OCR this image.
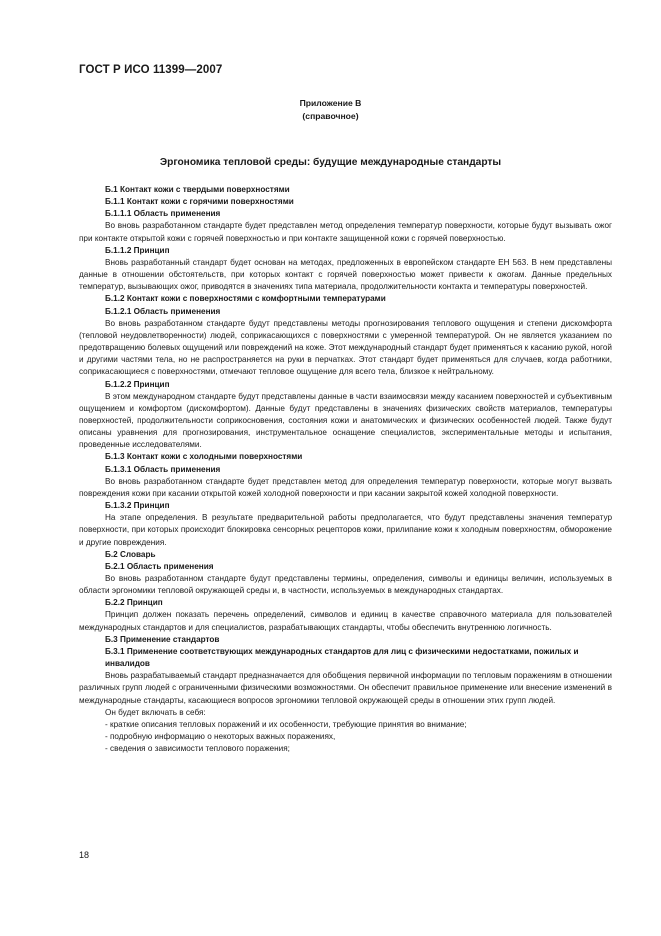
ГОСТ Р ИСО 11399—2007
Приложение В
(справочное)
Эргономика тепловой среды: будущие международные стандарты
Б.1 Контакт кожи с твердыми поверхностями
Б.1.1 Контакт кожи с горячими поверхностями
Б.1.1.1 Область применения

Во вновь разработанном стандарте будет представлен метод определения температур поверхности, которые будут вызывать ожог при контакте открытой кожи с горячей поверхностью и при контакте защищенной кожи с горячей поверхностью.

Б.1.1.2 Принцип

Вновь разработанный стандарт будет основан на методах, предложенных в европейском стандарте ЕН 563. В нем представлены данные в отношении обстоятельств, при которых контакт с горячей поверхностью может привести к ожогам. Данные предельных температур, вызывающих ожог, приводятся в значениях типа материала, продолжительности контакта и температуры поверхностей.

Б.1.2 Контакт кожи с поверхностями с комфортными температурами
Б.1.2.1 Область применения

Во вновь разработанном стандарте будут представлены методы прогнозирования теплового ощущения и степени дискомфорта (тепловой неудовлетворенности) людей, соприкасающихся с поверхностями с умеренной температурой. Он не является указанием по предотвращению болевых ощущений или повреждений на коже. Этот международный стандарт будет применяться к касанию рукой, ногой и другими частями тела, но не распространяется на руки в перчатках. Этот стандарт будет применяться для случаев, когда работники, соприкасающиеся с поверхностями, отмечают тепловое ощущение для всего тела, близкое к нейтральному.

Б.1.2.2 Принцип

В этом международном стандарте будут представлены данные в части взаимосвязи между касанием поверхностей и субъективным ощущением и комфортом (дискомфортом). Данные будут представлены в значениях физических свойств материалов, температуры поверхностей, продолжительности соприкосновения, состояния кожи и анатомических и физических особенностей людей. Также будут описаны уравнения для прогнозирования, инструментальное оснащение специалистов, экспериментальные методы и испытания, проведенные исследователями.

Б.1.3 Контакт кожи с холодными поверхностями
Б.1.3.1 Область применения

Во вновь разработанном стандарте будет представлен метод для определения температур поверхности, которые могут вызвать повреждения кожи при касании открытой кожей холодной поверхности и при касании закрытой кожей холодной поверхности.

Б.1.3.2 Принцип

На этапе определения. В результате предварительной работы предполагается, что будут представлены значения температур поверхности, при которых происходит блокировка сенсорных рецепторов кожи, прилипание кожи к холодным поверхностям, обморожение и другие повреждения.

Б.2 Словарь
Б.2.1 Область применения

Во вновь разработанном стандарте будут представлены термины, определения, символы и единицы величин, используемых в области эргономики тепловой окружающей среды и, в частности, используемых в международных стандартах.

Б.2.2 Принцип

Принцип должен показать перечень определений, символов и единиц в качестве справочного материала для пользователей международных стандартов и для специалистов, разрабатывающих стандарты, чтобы обеспечить внутреннюю логичность.

Б.3 Применение стандартов
Б.3.1 Применение соответствующих международных стандартов для лиц с физическими недостатками, пожилых и инвалидов

Вновь разрабатываемый стандарт предназначается для обобщения первичной информации по тепловым поражениям в отношении различных групп людей с ограниченными физическими возможностями. Он обеспечит правильное применение или внесение изменений в международные стандарты, касающиеся вопросов эргономики тепловой окружающей среды в отношении этих групп людей.

Он будет включать в себя:

- краткие описания тепловых поражений и их особенности, требующие принятия во внимание;
- подробную информацию о некоторых важных поражениях,
- сведения о зависимости теплового поражения;
18
